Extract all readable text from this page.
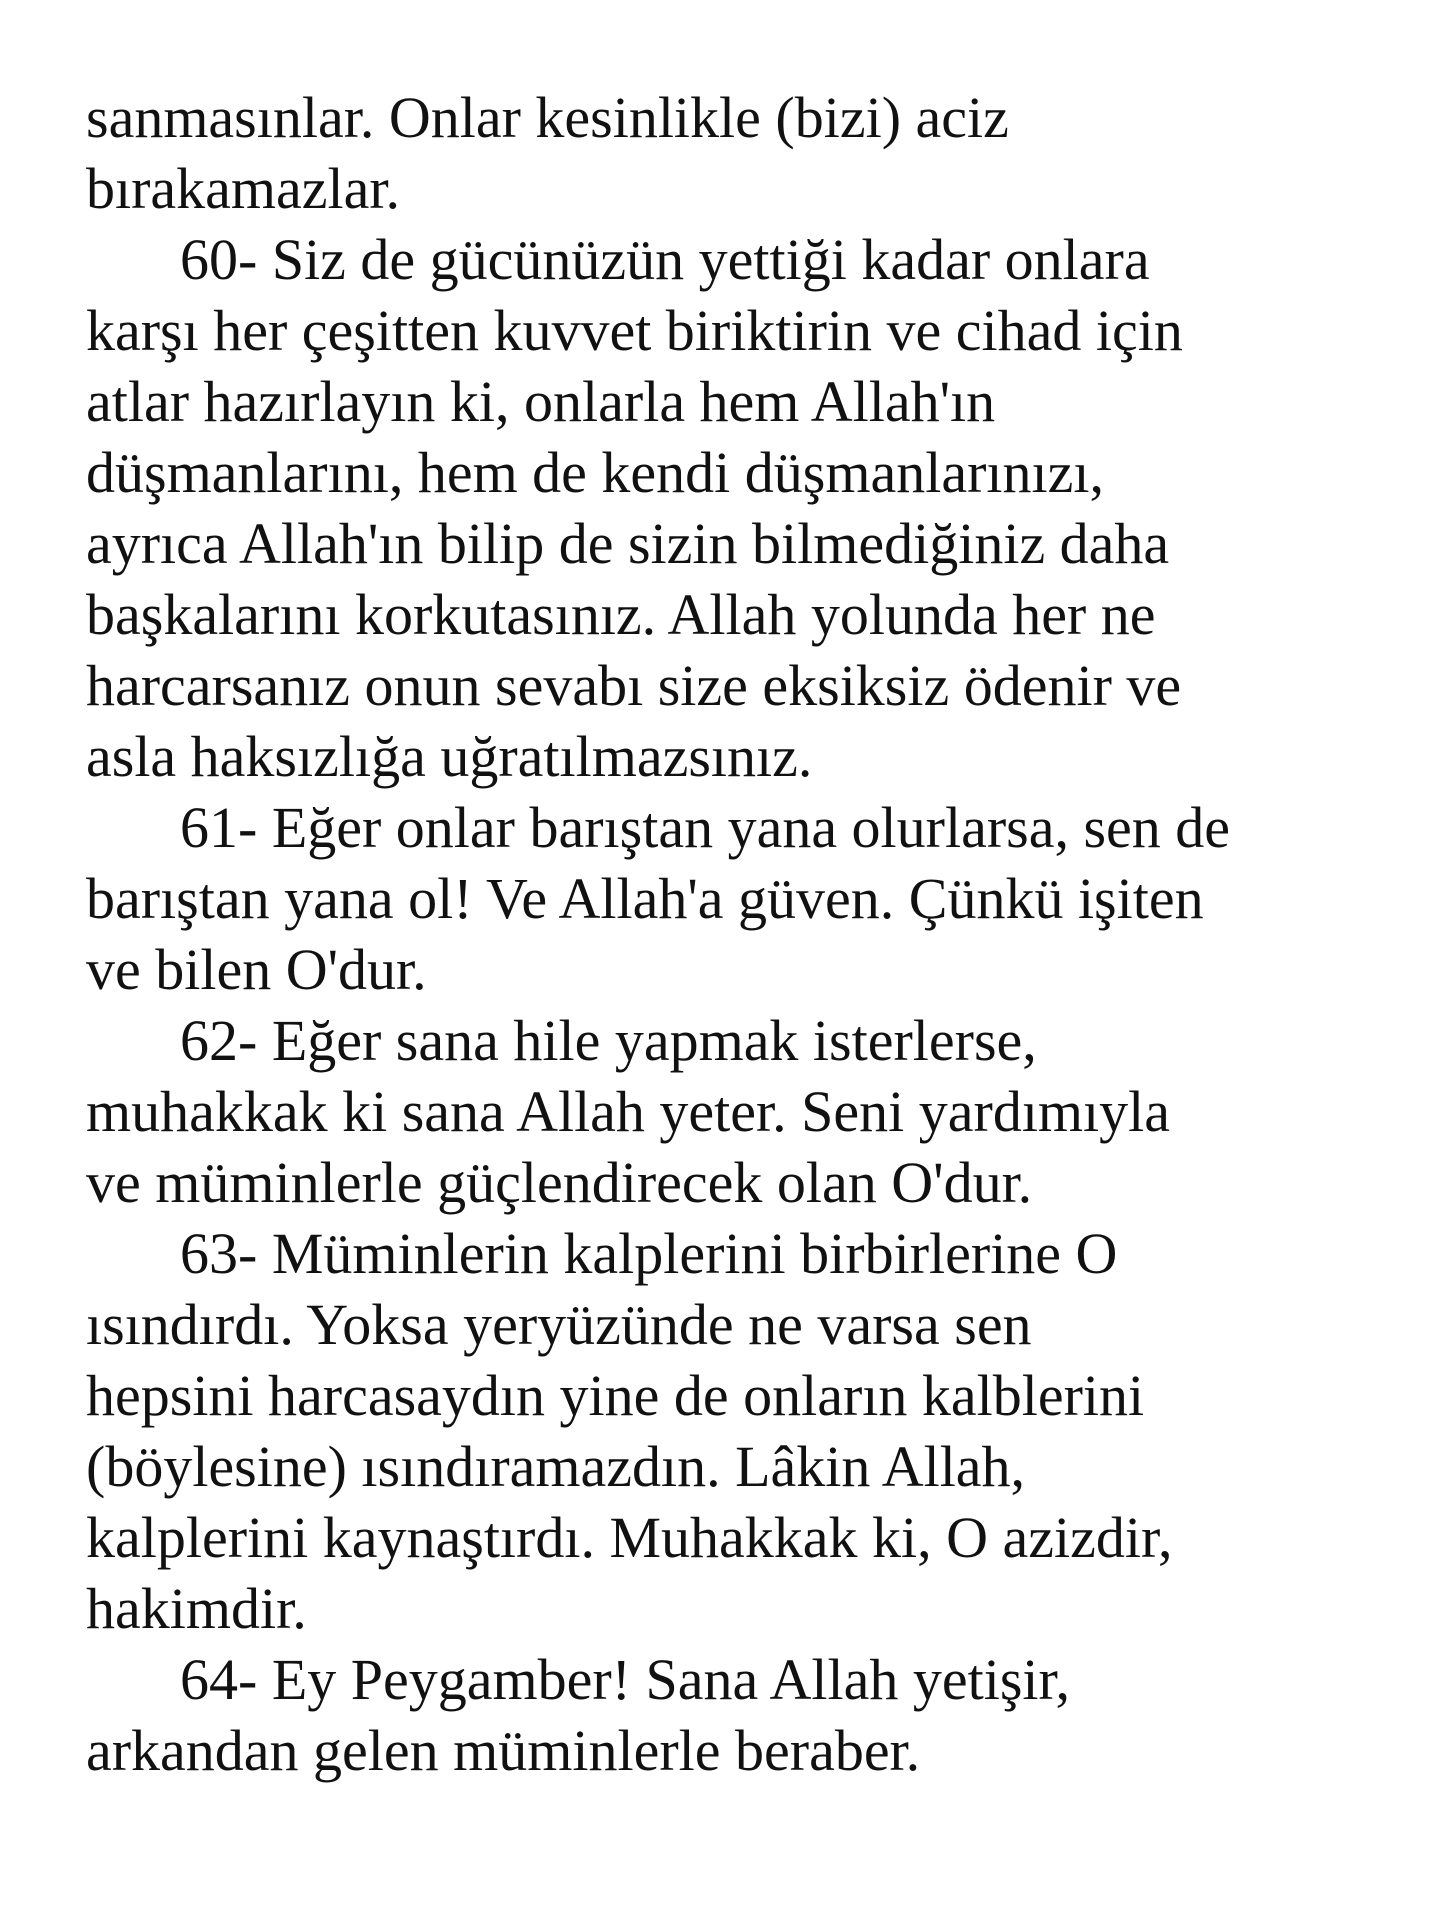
sanmasınlar. Onlar kesinlikle (bizi) aciz
bırakamazlar.

60- Siz de gücünüzün yettiği kadar onlara
karşı her çeşitten kuvvet biriktirin ve cihad için
atlar hazırlayın ki, onlarla hem Allah'ın
düşmanlarını, hem de kendi düşmanlarınızı,
ayrıca Allah'ın bilip de sizin bilmediğiniz daha
başkalarını korkutasınız. Allah yolunda her ne
harcarsanız onun sevabı size eksiksiz ödenir ve
asla haksızlığa uğratılmazsınız.

61- Eğer onlar barıştan yana olurlarsa, sen de
barıştan yana ol! Ve Allah'a güven. Çünkü işiten
ve bilen O'dur.

62- Eğer sana hile yapmak isterlerse,
muhakkak ki sana Allah yeter. Seni yardımıyla
ve müminlerle güçlendirecek olan O'dur.

63- Müminlerin kalplerini birbirlerine O
ısındırdı. Yoksa yeryüzünde ne varsa sen
hepsini harcasaydın yine de onların kalblerini
(böylesine) ısındıramazdın. Lâkin Allah,
kalplerini kaynaştırdı. Muhakkak ki, O azizdir,
hakimdir.

64- Ey Peygamber! Sana Allah yetişir,
arkandan gelen müminlerle beraber.
